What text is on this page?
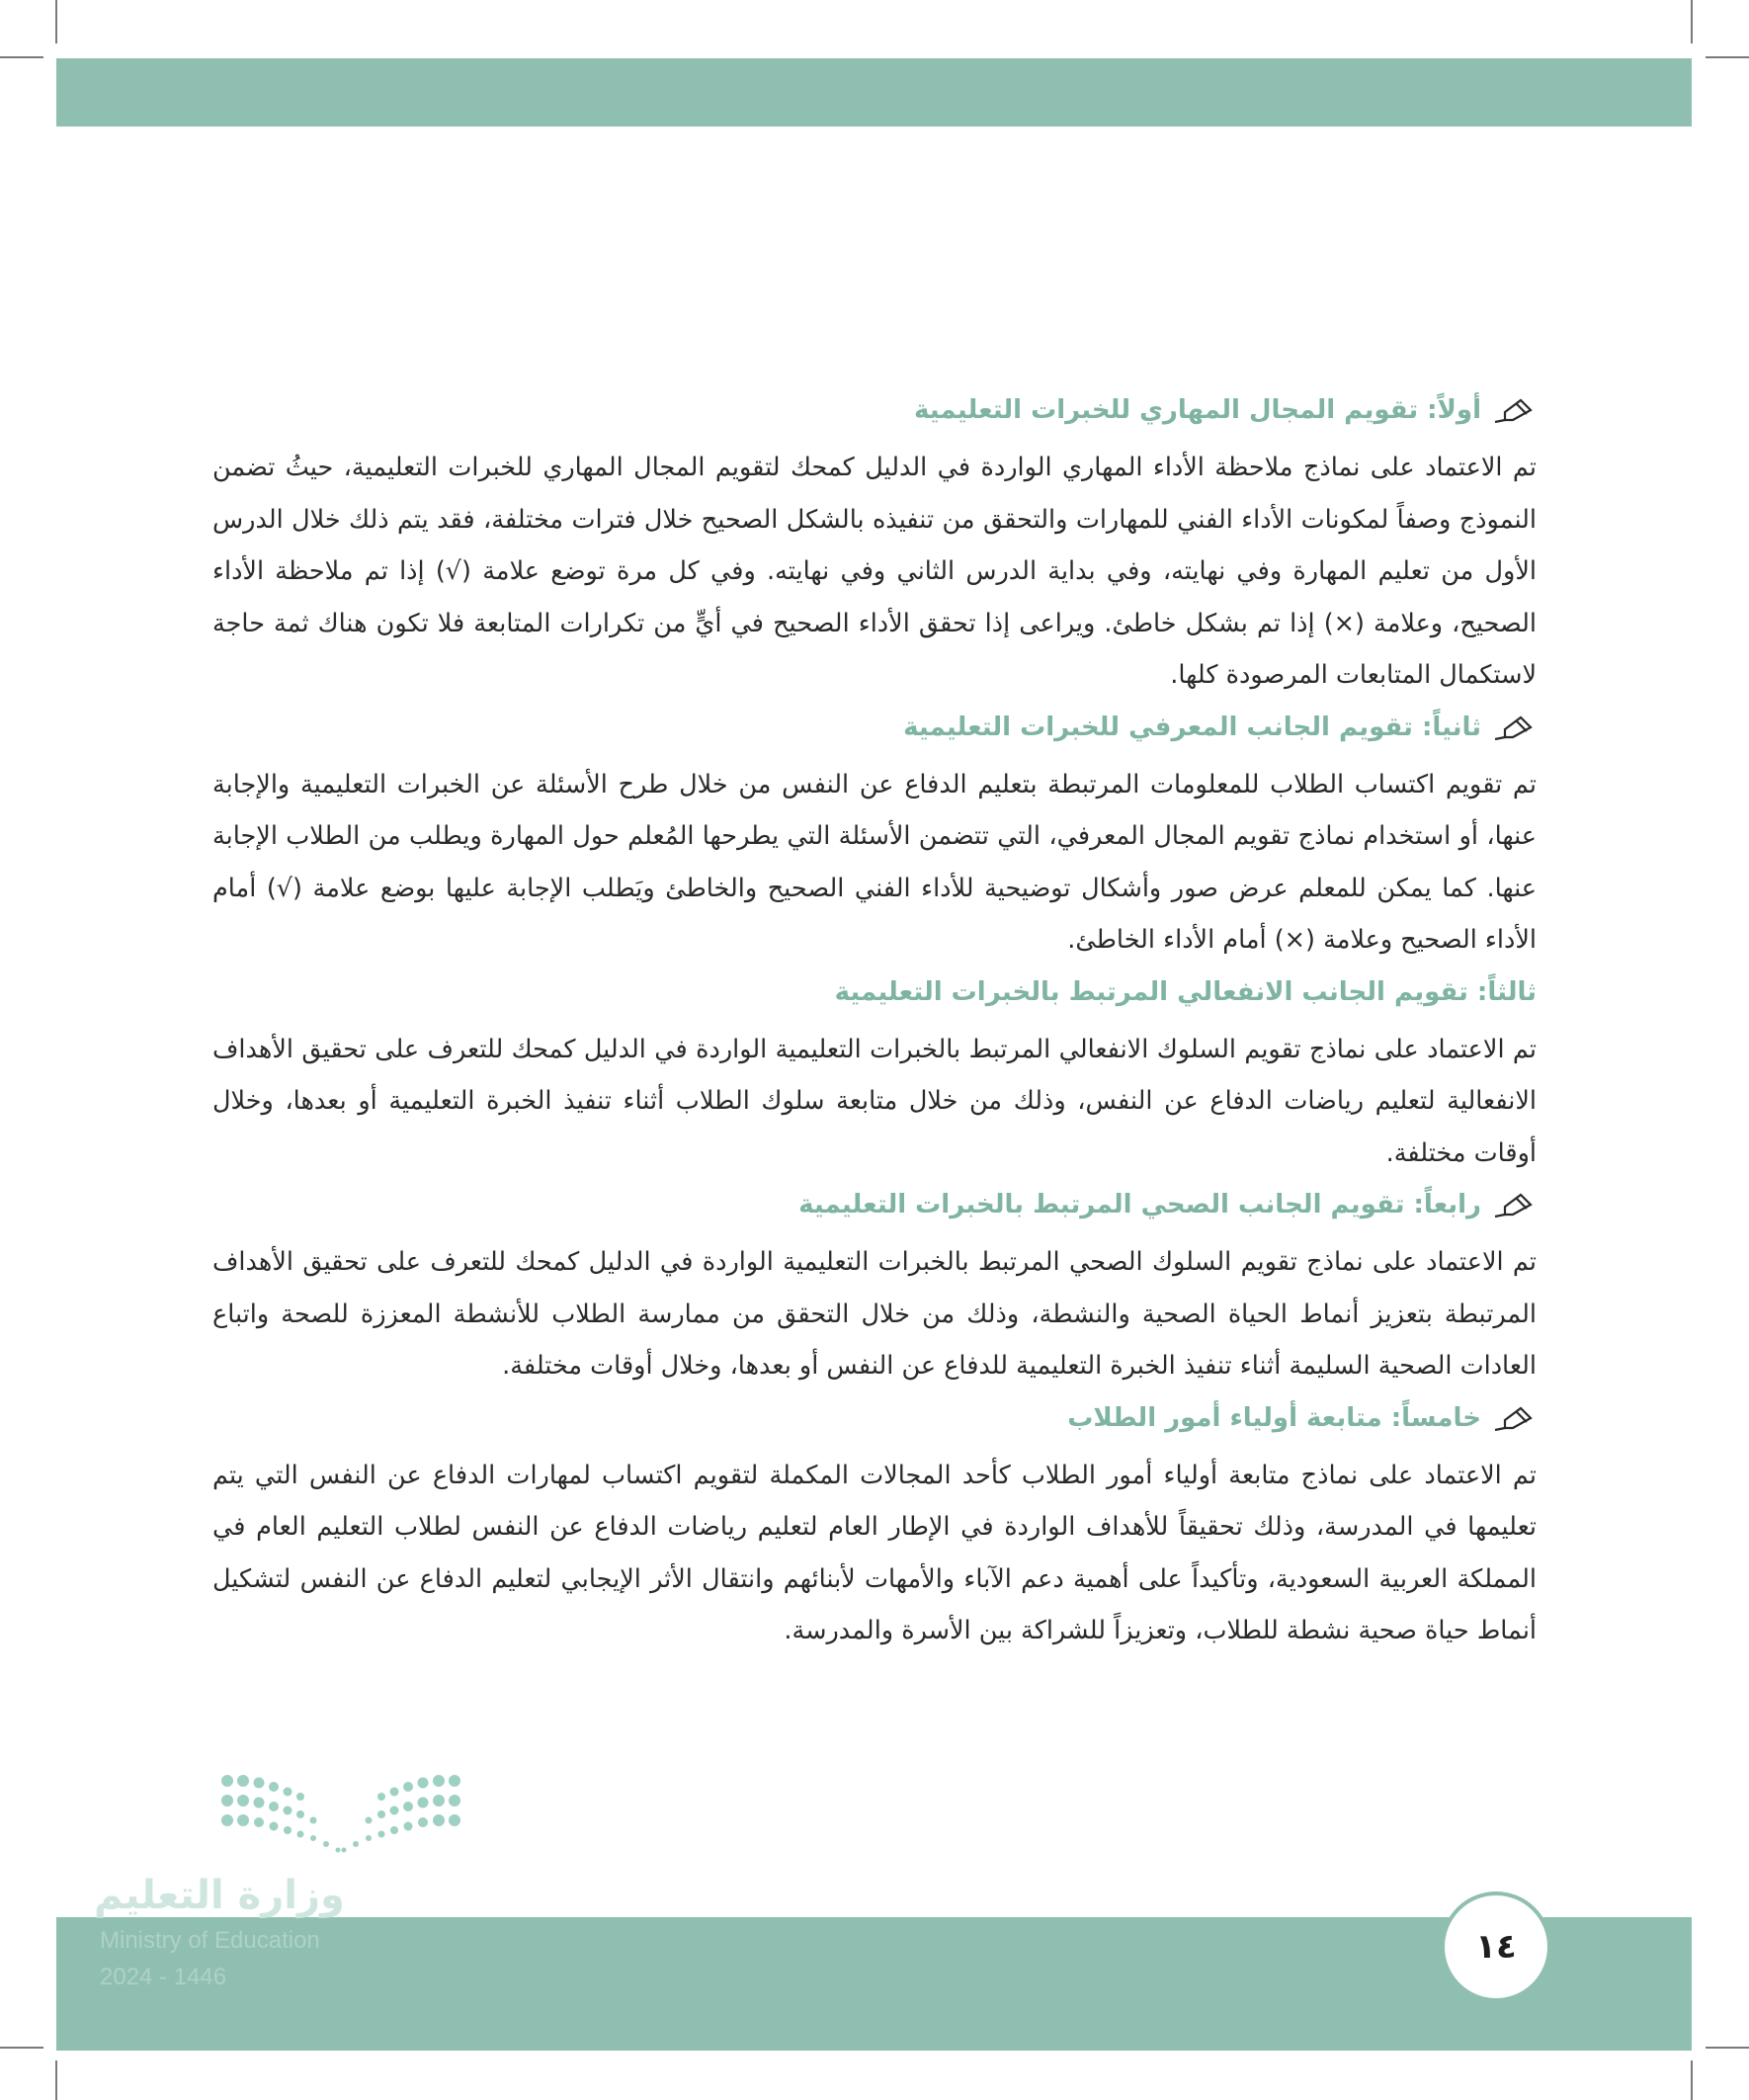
أولاً: تقويم المجال المهاري للخبرات التعليمية

تم الاعتماد على نماذج ملاحظة الأداء المهاري الواردة في الدليل كمحك لتقويم المجال المهاري للخبرات التعليمية، حيثُ تضمن النموذج وصفاً لمكونات الأداء الفني للمهارات والتحقق من تنفيذه بالشكل الصحيح خلال فترات مختلفة، فقد يتم ذلك خلال الدرس الأول من تعليم المهارة وفي نهايته، وفي بداية الدرس الثاني وفي نهايته. وفي كل مرة توضع علامة (√) إذا تم ملاحظة الأداء الصحيح، وعلامة (×) إذا تم بشكل خاطئ. ويراعى إذا تحقق الأداء الصحيح في أيٍّ من تكرارات المتابعة فلا تكون هناك ثمة حاجة لاستكمال المتابعات المرصودة كلها.

ثانياً: تقويم الجانب المعرفي للخبرات التعليمية

تم تقويم اكتساب الطلاب للمعلومات المرتبطة بتعليم الدفاع عن النفس من خلال طرح الأسئلة عن الخبرات التعليمية والإجابة عنها، أو استخدام نماذج تقويم المجال المعرفي، التي تتضمن الأسئلة التي يطرحها المُعلم حول المهارة ويطلب من الطلاب الإجابة عنها. كما يمكن للمعلم عرض صور وأشكال توضيحية للأداء الفني الصحيح والخاطئ ويَطلب الإجابة عليها بوضع علامة (√) أمام الأداء الصحيح وعلامة (×) أمام الأداء الخاطئ.

ثالثاً: تقويم الجانب الانفعالي المرتبط بالخبرات التعليمية

تم الاعتماد على نماذج تقويم السلوك الانفعالي المرتبط بالخبرات التعليمية الواردة في الدليل كمحك للتعرف على تحقيق الأهداف الانفعالية لتعليم رياضات الدفاع عن النفس، وذلك من خلال متابعة سلوك الطلاب أثناء تنفيذ الخبرة التعليمية أو بعدها، وخلال أوقات مختلفة.

رابعاً: تقويم الجانب الصحي المرتبط بالخبرات التعليمية

تم الاعتماد على نماذج تقويم السلوك الصحي المرتبط بالخبرات التعليمية الواردة في الدليل كمحك للتعرف على تحقيق الأهداف المرتبطة بتعزيز أنماط الحياة الصحية والنشطة، وذلك من خلال التحقق من ممارسة الطلاب للأنشطة المعززة للصحة واتباع العادات الصحية السليمة أثناء تنفيذ الخبرة التعليمية للدفاع عن النفس أو بعدها، وخلال أوقات مختلفة.

خامساً: متابعة أولياء أمور الطلاب

تم الاعتماد على نماذج متابعة أولياء أمور الطلاب كأحد المجالات المكملة لتقويم اكتساب لمهارات الدفاع عن النفس التي يتم تعليمها في المدرسة، وذلك تحقيقاً للأهداف الواردة في الإطار العام لتعليم رياضات الدفاع عن النفس لطلاب التعليم العام في المملكة العربية السعودية، وتأكيداً على أهمية دعم الآباء والأمهات لأبنائهم وانتقال الأثر الإيجابي لتعليم الدفاع عن النفس لتشكيل أنماط حياة صحية نشطة للطلاب، وتعزيزاً للشراكة بين الأسرة والمدرسة.

وزارة التعليم
Ministry of Education
2024 - 1446
١٤
